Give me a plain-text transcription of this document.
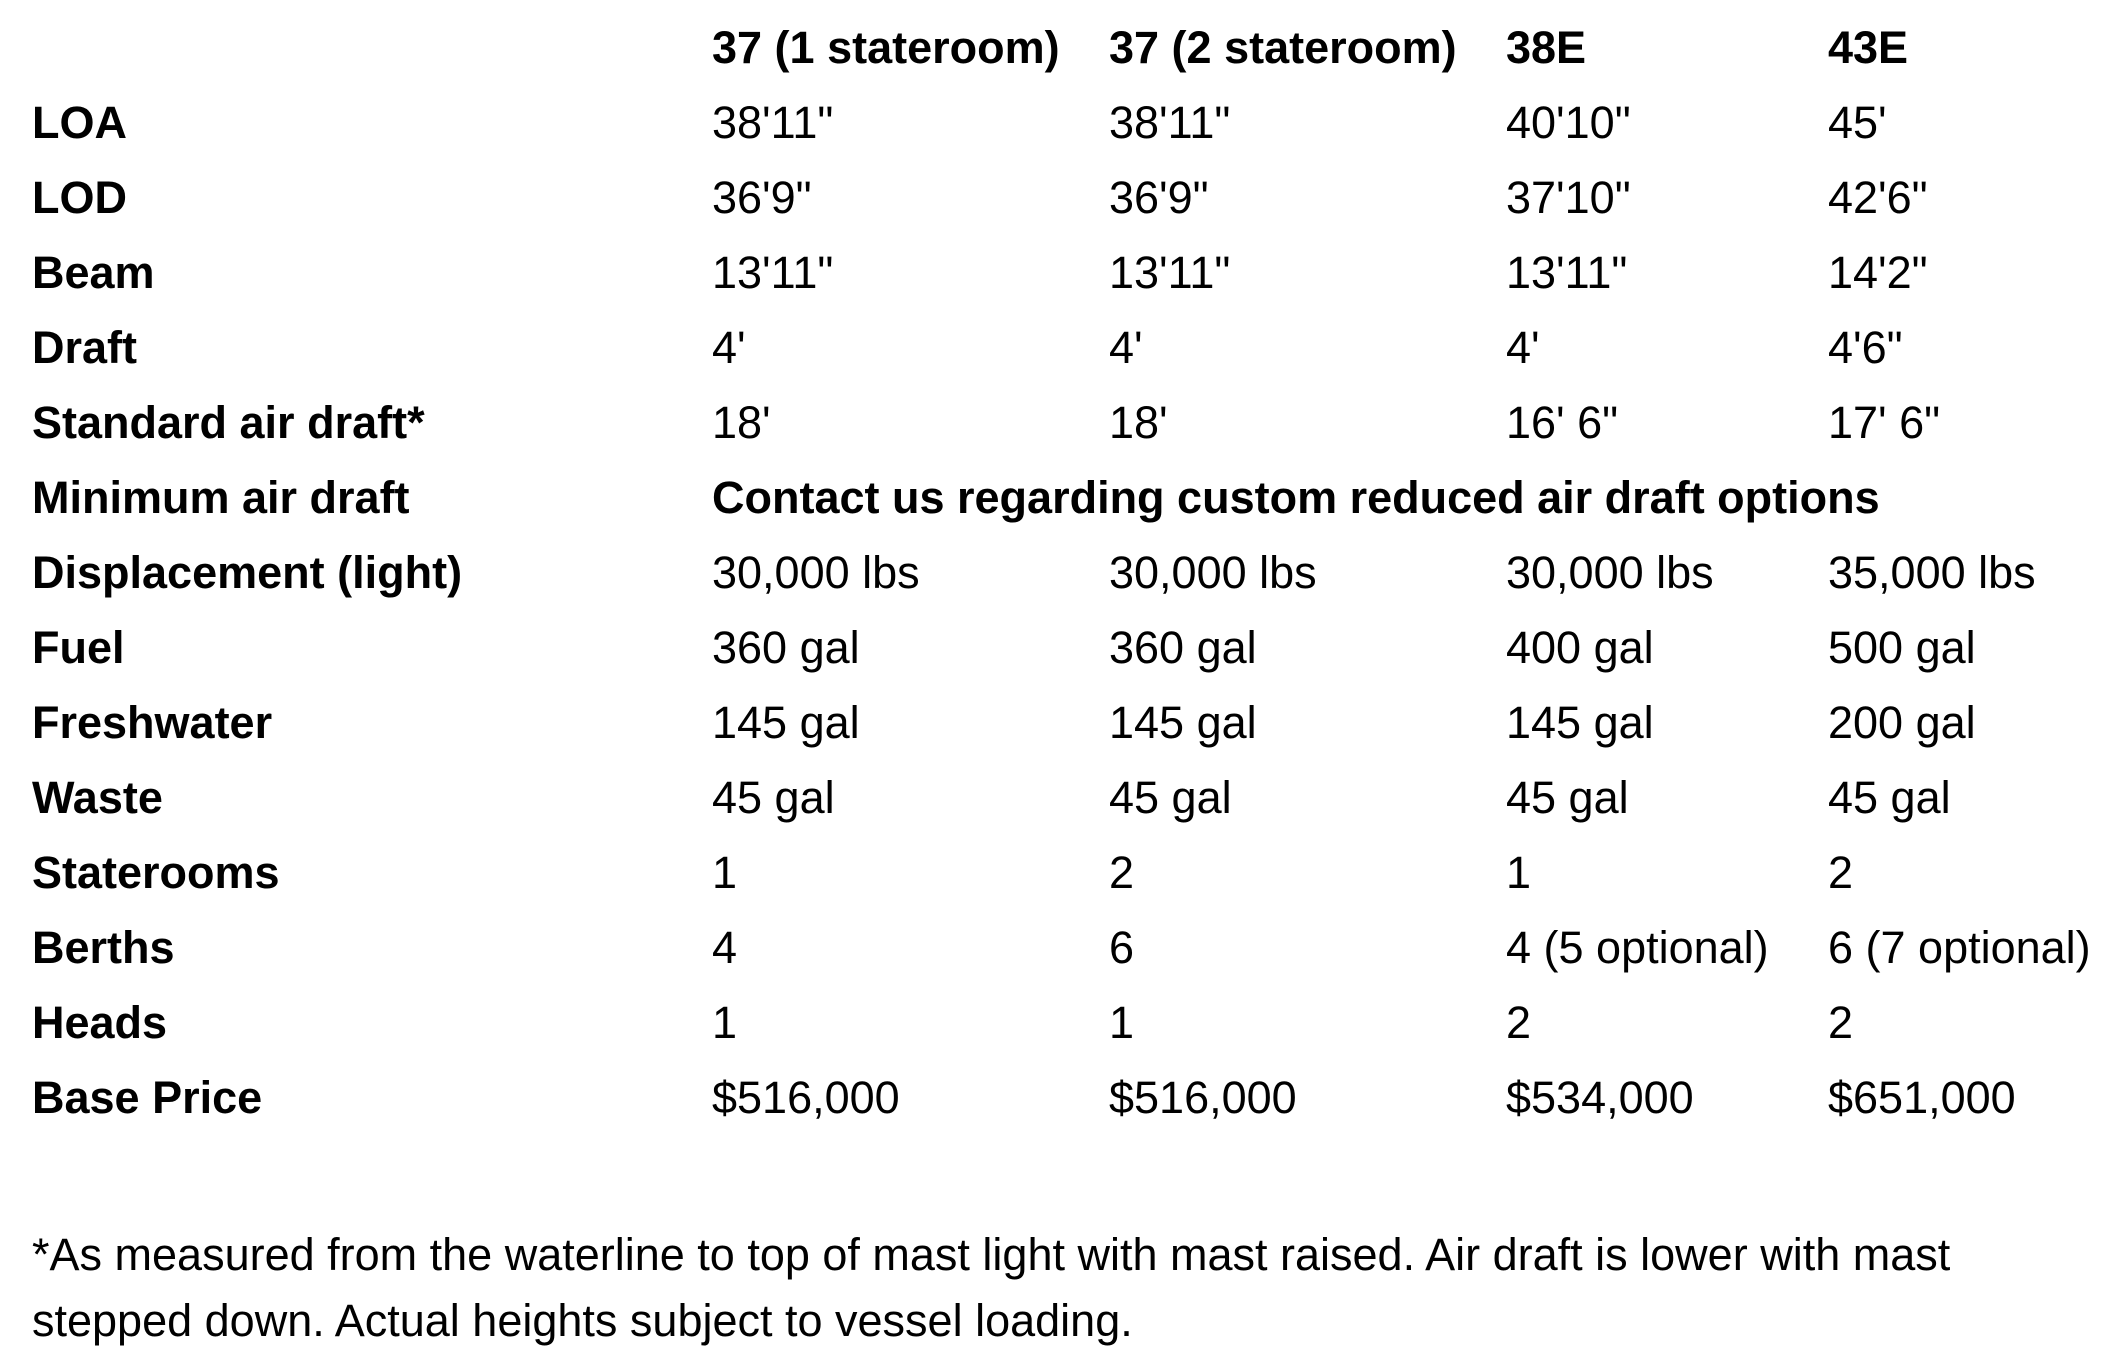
	37 (1 stateroom)	37 (2 stateroom)	38E	43E
LOA	38'11"	38'11"	40'10"	45'
LOD	36'9"	36'9"	37'10"	42'6"
Beam	13'11"	13'11"	13'11"	14'2"
Draft	4'	4'	4'	4'6"
Standard air draft*	18'	18'	16' 6"	17' 6"
Minimum air draft	Contact us regarding custom reduced air draft options			
Displacement (light)	30,000 lbs	30,000 lbs	30,000 lbs	35,000 lbs
Fuel	360 gal	360 gal	400 gal	500 gal
Freshwater	145 gal	145 gal	145 gal	200 gal
Waste	45 gal	45 gal	45 gal	45 gal
Staterooms	1	2	1	2
Berths	4	6	4 (5 optional)	6 (7 optional)
Heads	1	1	2	2
Base Price	$516,000	$516,000	$534,000	$651,000

*As measured from the waterline to top of mast light with mast raised. Air draft is lower with mast stepped down. Actual heights subject to vessel loading.
